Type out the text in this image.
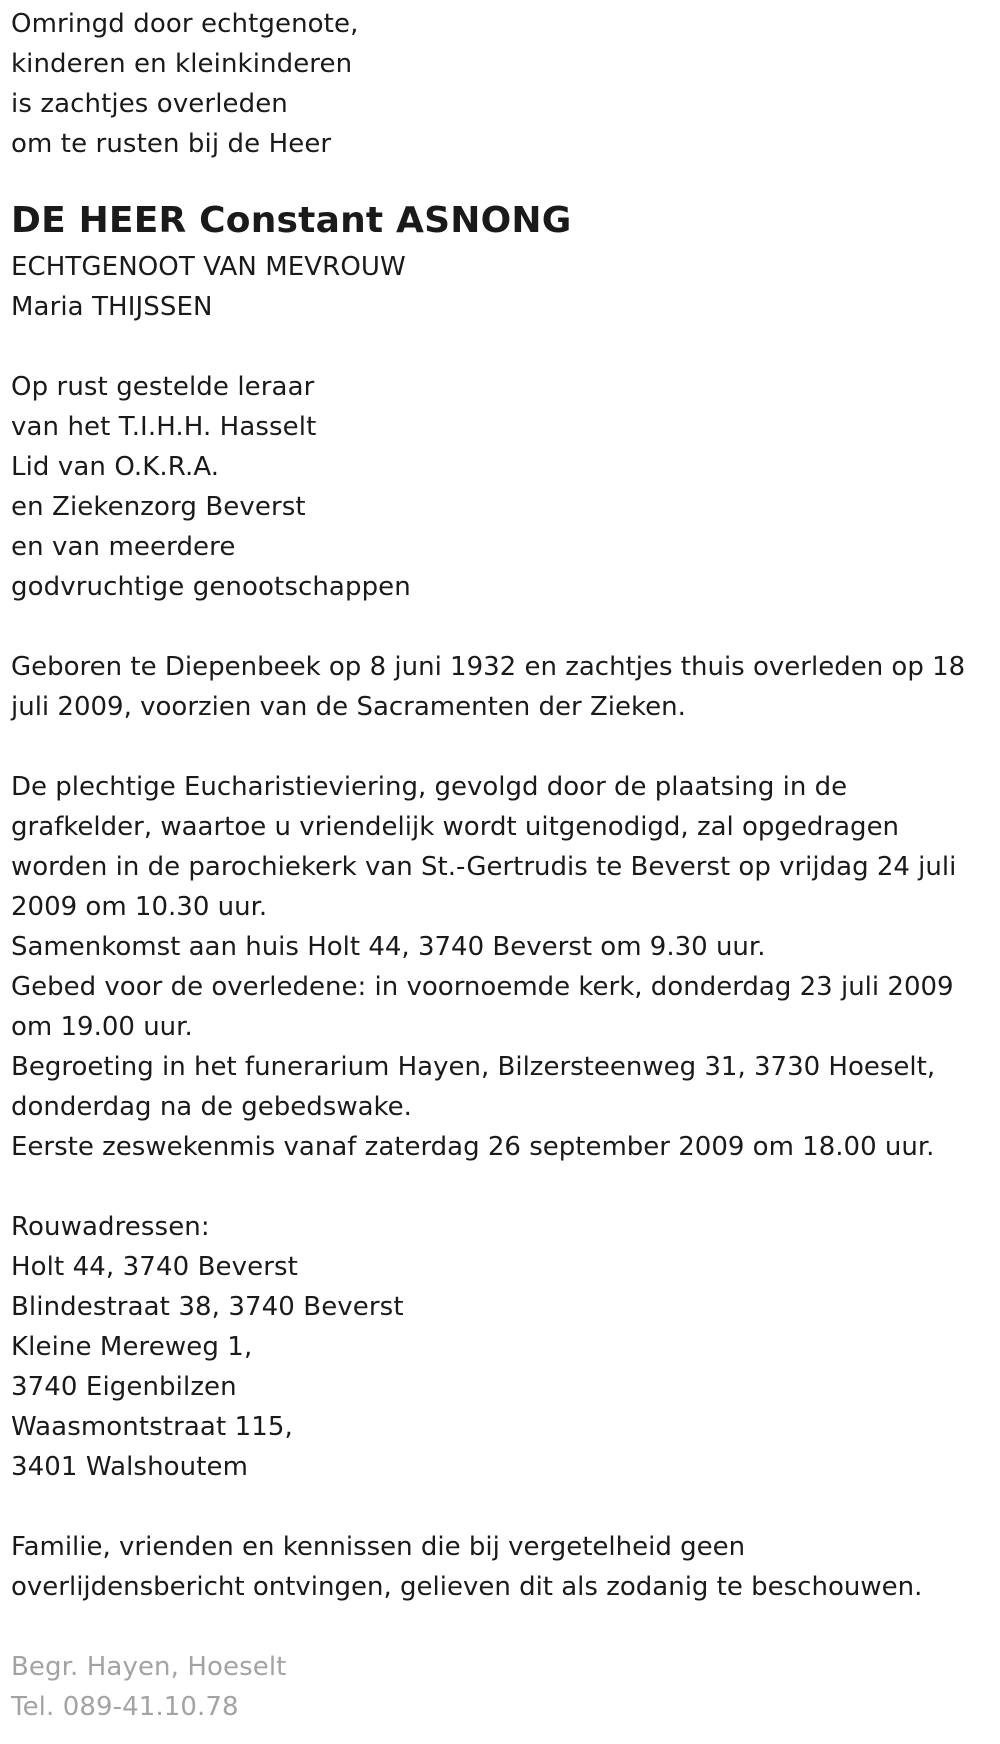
Omringd door echtgenote,
kinderen en kleinkinderen
is zachtjes overleden
om te rusten bij de Heer
DE HEER Constant ASNONG
ECHTGENOOT VAN MEVROUW
Maria THIJSSEN
Op rust gestelde leraar
van het T.I.H.H. Hasselt
Lid van O.K.R.A.
en Ziekenzorg Beverst
en van meerdere
godvruchtige genootschappen
Geboren te Diepenbeek op 8 juni 1932 en zachtjes thuis overleden op 18 juli 2009, voorzien van de Sacramenten der Zieken.
De plechtige Eucharistieviering, gevolgd door de plaatsing in de grafkelder, waartoe u vriendelijk wordt uitgenodigd, zal opgedragen worden in de parochiekerk van St.-Gertrudis te Beverst op vrijdag 24 juli 2009 om 10.30 uur.
Samenkomst aan huis Holt 44, 3740 Beverst om 9.30 uur.
Gebed voor de overledene: in voornoemde kerk, donderdag 23 juli 2009 om 19.00 uur.
Begroeting in het funerarium Hayen, Bilzersteenweg 31, 3730 Hoeselt, donderdag na de gebedswake.
Eerste zeswekenmis vanaf zaterdag 26 september 2009 om 18.00 uur.
Rouwadressen:
Holt 44, 3740 Beverst
Blindestraat 38, 3740 Beverst
Kleine Mereweg 1,
3740 Eigenbilzen
Waasmontstraat 115,
3401 Walshoutem
Familie, vrienden en kennissen die bij vergetelheid geen overlijdensbericht ontvingen, gelieven dit als zodanig te beschouwen.
Begr. Hayen, Hoeselt
Tel. 089-41.10.78
